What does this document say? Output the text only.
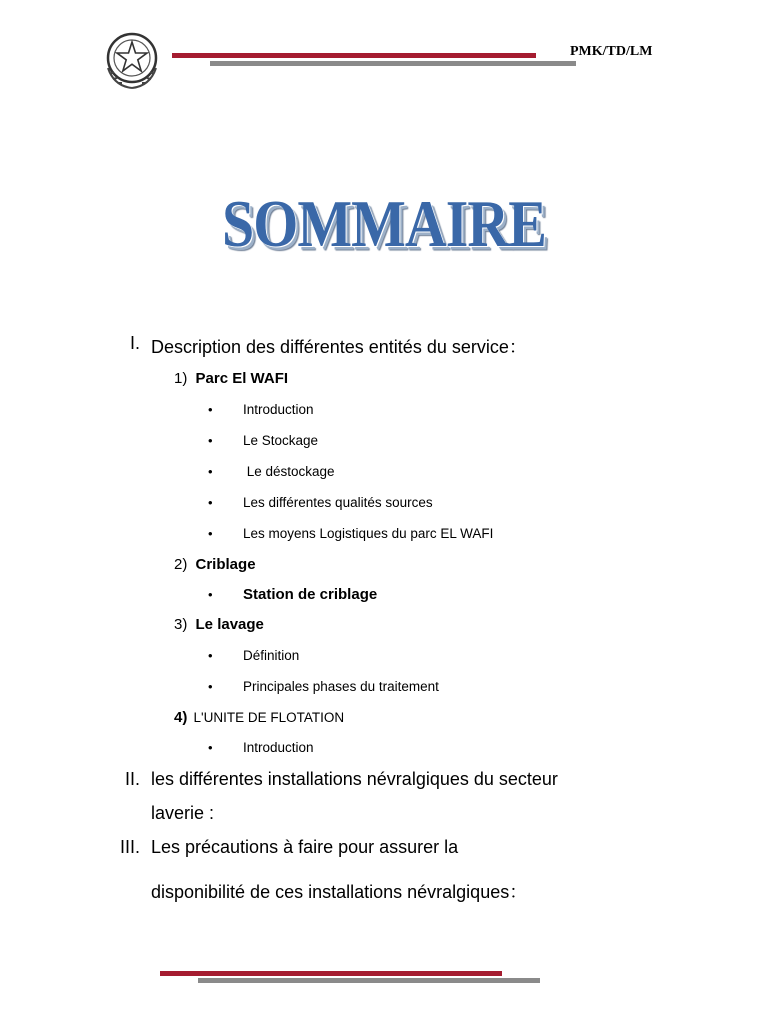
PMK/TD/LM
SOMMAIRE
I. Description des différentes entités du service：
1) Parc El WAFI
•
Introduction
•
Le Stockage
•
Le déstockage
•
Les différentes qualités sources
•
Les moyens Logistiques du parc EL WAFI
2) Criblage
•
Station de criblage
3) Le lavage
•
Définition
•
Principales phases du traitement
4) L'UNITE DE FLOTATION
•
Introduction
II. les différentes installations névralgiques du secteur
laverie :
III. Les précautions à faire pour assurer la
disponibilité de ces installations névralgiques：
